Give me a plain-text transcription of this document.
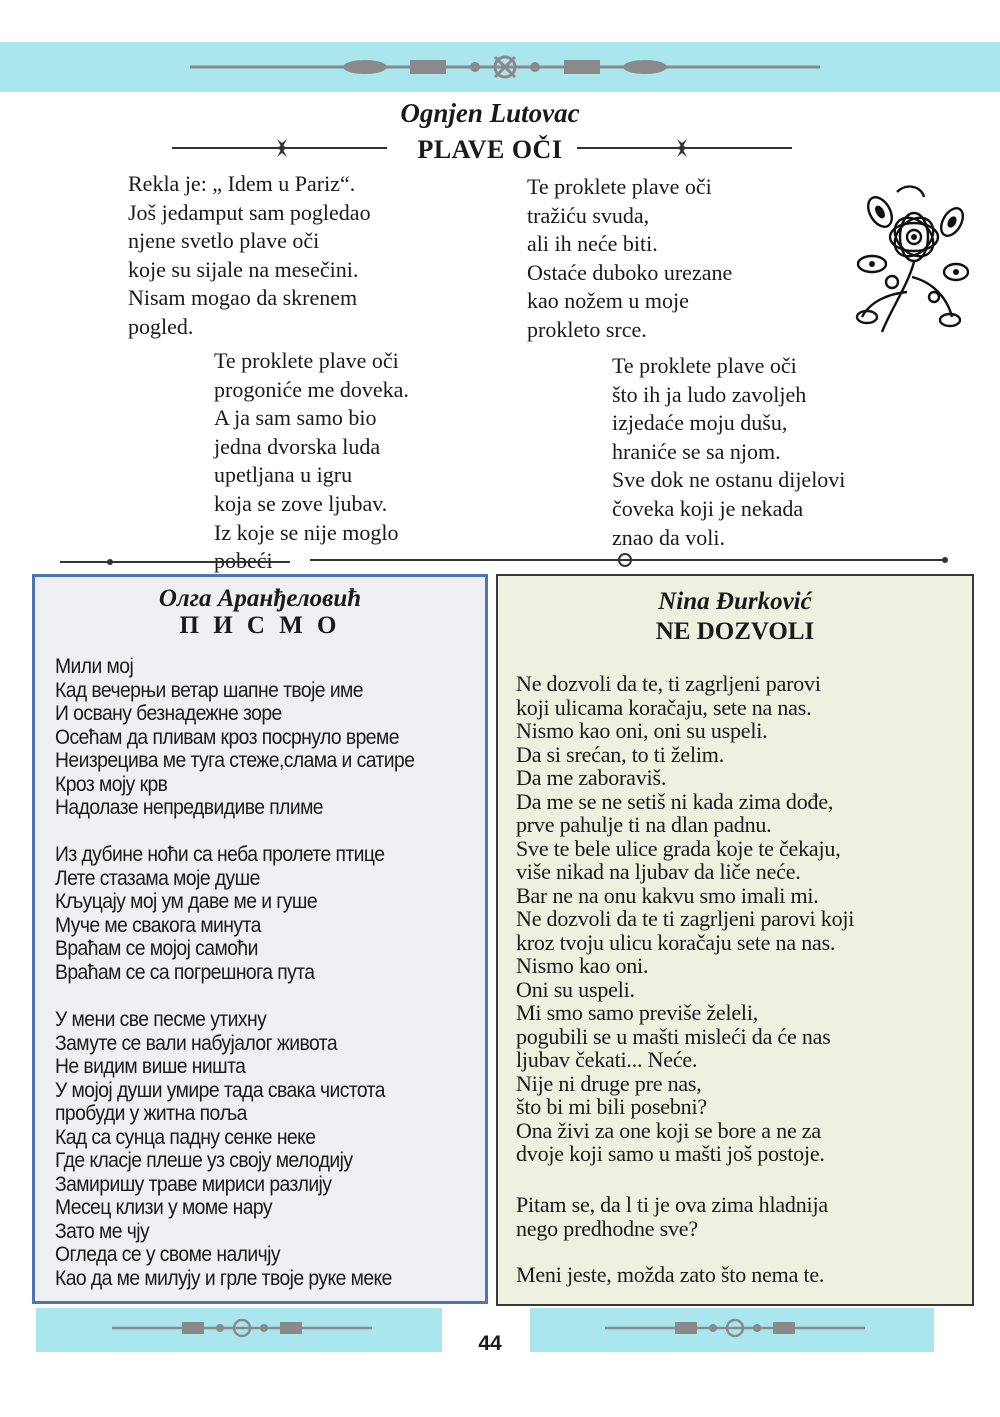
Ognjen Lutovac
PLAVE OČI
Rekla je: „ Idem u Pariz“.
Još jedamput sam pogledao
njene svetlo plave oči
koje su sijale na mesečini.
Nisam mogao da skrenem
pogled.
Te proklete plave oči
tražiću svuda,
ali ih neće biti.
Ostaće duboko urezane
kao nožem u moje
prokleto srce.
Te proklete plave oči
progoniće me doveka.
A ja sam samo bio
jedna dvorska luda
upetljana u igru
koja se zove ljubav.
Iz koje se nije moglo
pobeći
Te proklete plave oči
što ih ja ludo zavoljeh
izjedaće moju dušu,
hraniće se sa njom.
Sve dok ne ostanu dijelovi
čoveka koji je nekada
znao da voli.
Олга Аранђеловић
П И С М О
Мили мој
Кад вечерњи ветар шапне твоје име
И освану безнадежне зоре
Осећам да пливам кроз посрнуло време
Неизрецива ме туга стеже,слама и сатире
Кроз моју крв
Надолазе непредвидиве плиме
Из дубине ноћи са неба пролете птице
Лете стазама моје душе
Кљуцају мој ум даве ме и гуше
Муче ме свакога минута
Враћам се мојој самоћи
Враћам се са погрешнога пута
У мени све песме утихну
Замуте се вали набујалог живота
Не видим више ништа
У мојој души умире тада свака чистота
пробуди у житна поља
Кад са сунца падну сенке неке
Где класје плеше уз своју мелодију
Замиришу траве мириси разлију
Месец клизи у моме нару
Зато ме чју
Огледа се у своме наличју
Као да ме милују и грле твоје руке меке
Nina Đurković
NE DOZVOLI
Ne dozvoli da te, ti zagrljeni parovi
koji ulicama koračaju, sete na nas.
Nismo kao oni, oni su uspeli.
Da si srećan, to ti želim.
Da me zaboraviš.
Da me se ne setiš ni kada zima dođe,
prve pahulje ti na dlan padnu.
Sve te bele ulice grada koje te čekaju,
više nikad na ljubav da liče neće.
Bar ne na onu kakvu smo imali mi.
Ne dozvoli da te ti zagrljeni parovi koji
kroz tvoju ulicu koračaju sete na nas.
Nismo kao oni.
Oni su uspeli.
Mi smo samo previše želeli,
pogubili se u mašti misleći da će nas
ljubav čekati... Neće.
Nije ni druge pre nas,
što bi mi bili posebni?
Ona živi za one koji se bore a ne za
dvoje koji samo u mašti još postoje.
Pitam se, da l ti je ova zima hladnija
nego predhodne sve?
Meni jeste, možda zato što nema te.
44
